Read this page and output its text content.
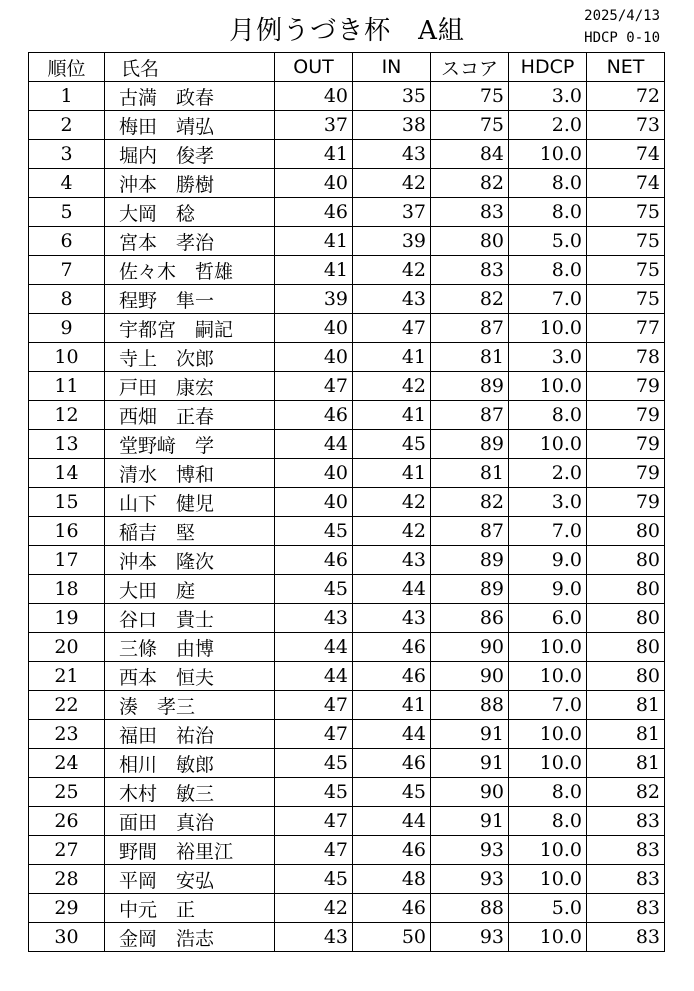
月例うづき杯　A組	2025/4/13
HDCP 0-10
順位	氏名	OUT	IN	スコア	HDCP	NET
1	古満　政春	40	35	75	3.0	72
2	梅田　靖弘	37	38	75	2.0	73
3	堀内　俊孝	41	43	84	10.0	74
4	沖本　勝樹	40	42	82	8.0	74
5	大岡　稔	46	37	83	8.0	75
6	宮本　孝治	41	39	80	5.0	75
7	佐々木　哲雄	41	42	83	8.0	75
8	程野　隼一	39	43	82	7.0	75
9	宇都宮　嗣記	40	47	87	10.0	77
10	寺上　次郎	40	41	81	3.0	78
11	戸田　康宏	47	42	89	10.0	79
12	西畑　正春	46	41	87	8.0	79
13	堂野﨑　学	44	45	89	10.0	79
14	清水　博和	40	41	81	2.0	79
15	山下　健児	40	42	82	3.0	79
16	稲吉　堅	45	42	87	7.0	80
17	沖本　隆次	46	43	89	9.0	80
18	大田　庭	45	44	89	9.0	80
19	谷口　貴士	43	43	86	6.0	80
20	三條　由博	44	46	90	10.0	80
21	西本　恒夫	44	46	90	10.0	80
22	湊　孝三	47	41	88	7.0	81
23	福田　祐治	47	44	91	10.0	81
24	相川　敏郎	45	46	91	10.0	81
25	木村　敏三	45	45	90	8.0	82
26	面田　真治	47	44	91	8.0	83
27	野間　裕里江	47	46	93	10.0	83
28	平岡　安弘	45	48	93	10.0	83
29	中元　正	42	46	88	5.0	83
30	金岡　浩志	43	50	93	10.0	83
